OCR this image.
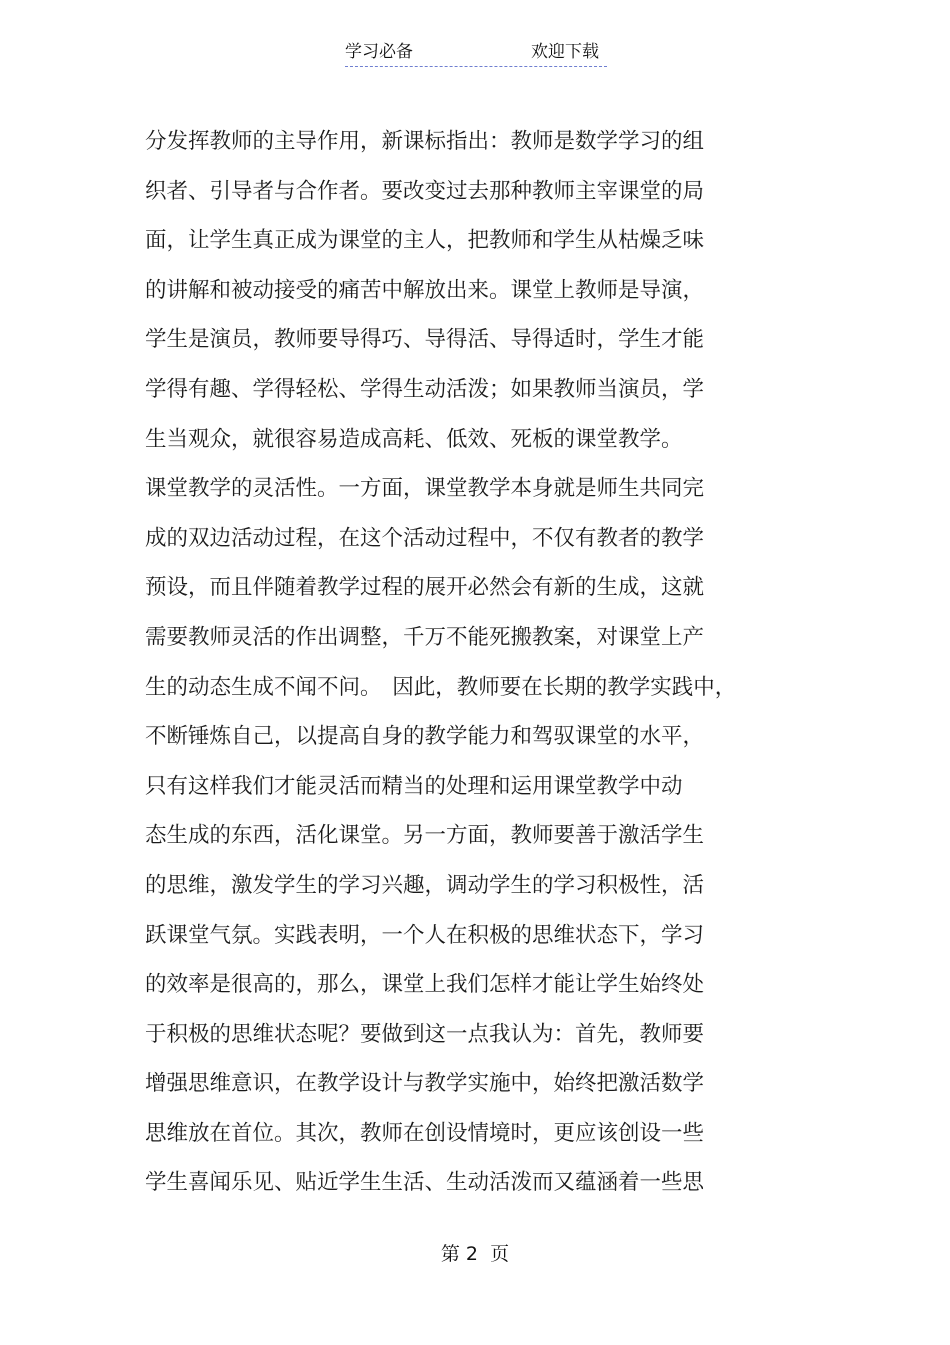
学习必备	欢迎下载
分发挥教师的主导作用，新课标指出：教师是数学学习的组
织者、引导者与合作者。要改变过去那种教师主宰课堂的局
面，让学生真正成为课堂的主人，把教师和学生从枯燥乏味
的讲解和被动接受的痛苦中解放出来。课堂上教师是导演，
学生是演员，教师要导得巧、导得活、导得适时，学生才能
学得有趣、学得轻松、学得生动活泼；如果教师当演员，学
生当观众，就很容易造成高耗、低效、死板的课堂教学。
课堂教学的灵活性。一方面，课堂教学本身就是师生共同完
成的双边活动过程，在这个活动过程中，不仅有教者的教学
预设，而且伴随着教学过程的展开必然会有新的生成，这就
需要教师灵活的作出调整，千万不能死搬教案，对课堂上产
生的动态生成不闻不问。　因此，教师要在长期的教学实践中，
不断锤炼自己，以提高自身的教学能力和驾驭课堂的水平，
只有这样我们才能灵活而精当的处理和运用课堂教学中动
态生成的东西，活化课堂。另一方面，教师要善于激活学生
的思维，激发学生的学习兴趣，调动学生的学习积极性，活
跃课堂气氛。实践表明，一个人在积极的思维状态下，学习
的效率是很高的，那么，课堂上我们怎样才能让学生始终处
于积极的思维状态呢？要做到这一点我认为：首先，教师要
增强思维意识，在教学设计与教学实施中，始终把激活数学
思维放在首位。其次，教师在创设情境时，更应该创设一些
学生喜闻乐见、贴近学生生活、生动活泼而又蕴涵着一些思
第 2  页
